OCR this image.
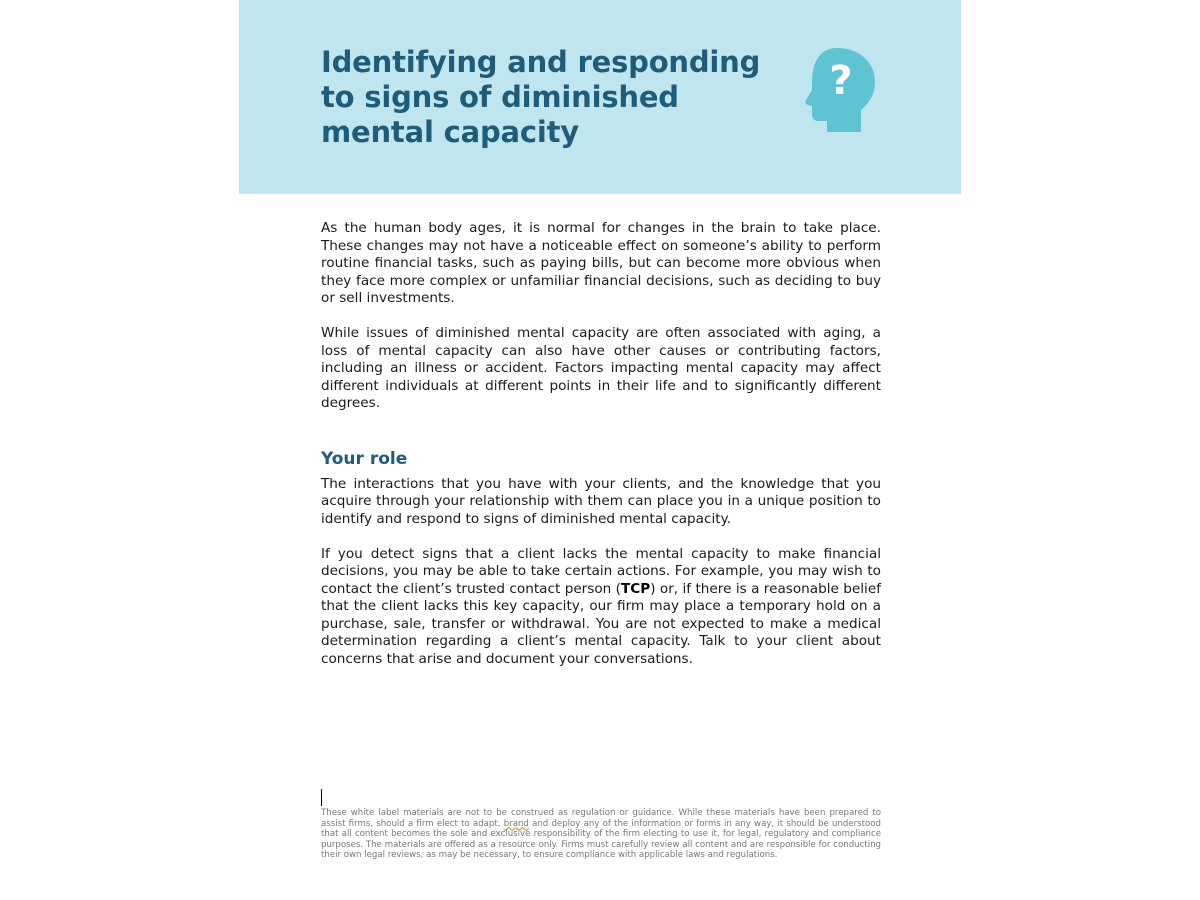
Identifying and responding to signs of diminished mental capacity
?

As the human body ages, it is normal for changes in the brain to take place. These changes may not have a noticeable effect on someone’s ability to perform routine financial tasks, such as paying bills, but can become more obvious when they face more complex or unfamiliar financial decisions, such as deciding to buy or sell investments.

While issues of diminished mental capacity are often associated with aging, a loss of mental capacity can also have other causes or contributing factors, including an illness or accident. Factors impacting mental capacity may affect different individuals at different points in their life and to significantly different degrees.

Your role

The interactions that you have with your clients, and the knowledge that you acquire through your relationship with them can place you in a unique position to identify and respond to signs of diminished mental capacity.

If you detect signs that a client lacks the mental capacity to make financial decisions, you may be able to take certain actions. For example, you may wish to contact the client’s trusted contact person (TCP) or, if there is a reasonable belief that the client lacks this key capacity, our firm may place a temporary hold on a purchase, sale, transfer or withdrawal. You are not expected to make a medical determination regarding a client’s mental capacity. Talk to your client about concerns that arise and document your conversations.

These white label materials are not to be construed as regulation or guidance. While these materials have been prepared to assist firms, should a firm elect to adapt, brand and deploy any of the information or forms in any way, it should be understood that all content becomes the sole and exclusive responsibility of the firm electing to use it, for legal, regulatory and compliance purposes. The materials are offered as a resource only. Firms must carefully review all content and are responsible for conducting their own legal reviews, as may be necessary, to ensure compliance with applicable laws and regulations.
